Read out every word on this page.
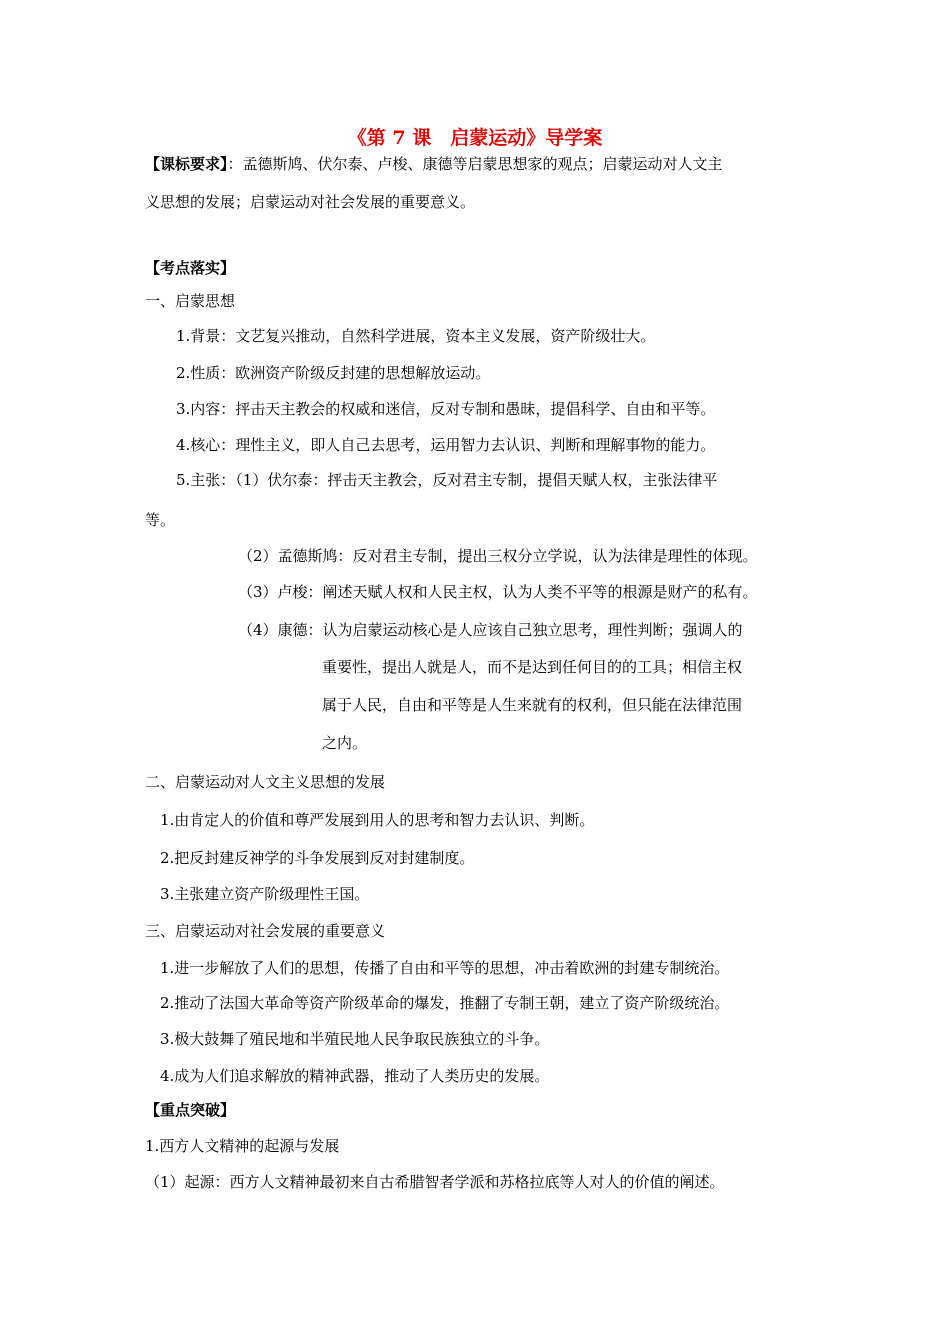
《第 7 课　启蒙运动》导学案
【课标要求】：孟德斯鸠、伏尔泰、卢梭、康德等启蒙思想家的观点；启蒙运动对人文主
义思想的发展；启蒙运动对社会发展的重要意义。
【考点落实】
一、启蒙思想
1.背景：文艺复兴推动，自然科学进展，资本主义发展，资产阶级壮大。
2.性质：欧洲资产阶级反封建的思想解放运动。
3.内容：抨击天主教会的权威和迷信，反对专制和愚昧，提倡科学、自由和平等。
4.核心：理性主义，即人自己去思考，运用智力去认识、判断和理解事物的能力。
5.主张：（1）伏尔泰：抨击天主教会，反对君主专制，提倡天赋人权，主张法律平
等。
（2）孟德斯鸠：反对君主专制，提出三权分立学说，认为法律是理性的体现。
（3）卢梭：阐述天赋人权和人民主权，认为人类不平等的根源是财产的私有。
（4）康德：认为启蒙运动核心是人应该自己独立思考，理性判断；强调人的
重要性，提出人就是人，而不是达到任何目的的工具；相信主权
属于人民，自由和平等是人生来就有的权利，但只能在法律范围
之内。
二、启蒙运动对人文主义思想的发展
1.由肯定人的价值和尊严发展到用人的思考和智力去认识、判断。
2.把反封建反神学的斗争发展到反对封建制度。
3.主张建立资产阶级理性王国。
三、启蒙运动对社会发展的重要意义
1.进一步解放了人们的思想，传播了自由和平等的思想，冲击着欧洲的封建专制统治。
2.推动了法国大革命等资产阶级革命的爆发，推翻了专制王朝，建立了资产阶级统治。
3.极大鼓舞了殖民地和半殖民地人民争取民族独立的斗争。
4.成为人们追求解放的精神武器，推动了人类历史的发展。
【重点突破】
1.西方人文精神的起源与发展
（1）起源：西方人文精神最初来自古希腊智者学派和苏格拉底等人对人的价值的阐述。
